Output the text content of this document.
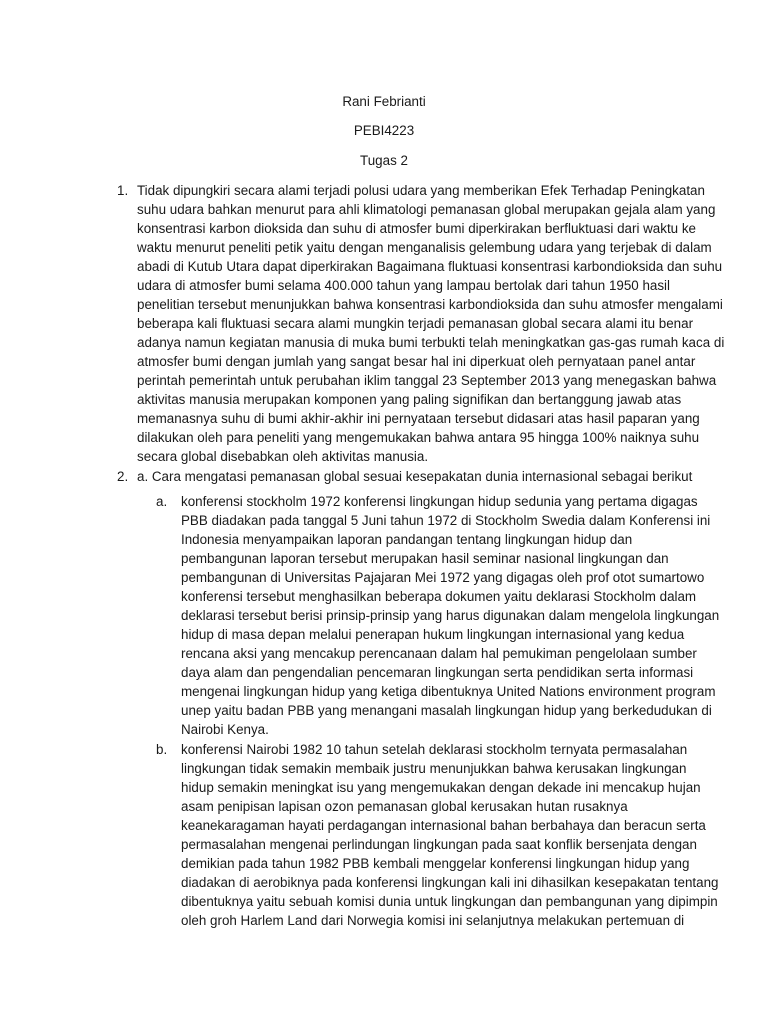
Rani Febrianti
PEBI4223
Tugas 2
1. Tidak dipungkiri secara alami terjadi polusi udara yang memberikan Efek Terhadap Peningkatan
suhu udara bahkan menurut para ahli klimatologi pemanasan global merupakan gejala alam yang
konsentrasi karbon dioksida dan suhu di atmosfer bumi diperkirakan berfluktuasi dari waktu ke
waktu menurut peneliti petik yaitu dengan menganalisis gelembung udara yang terjebak di dalam
abadi di Kutub Utara dapat diperkirakan Bagaimana fluktuasi konsentrasi karbondioksida dan suhu
udara di atmosfer bumi selama 400.000 tahun yang lampau bertolak dari tahun 1950 hasil
penelitian tersebut menunjukkan bahwa konsentrasi karbondioksida dan suhu atmosfer mengalami
beberapa kali fluktuasi secara alami mungkin terjadi pemanasan global secara alami itu benar
adanya namun kegiatan manusia di muka bumi terbukti telah meningkatkan gas-gas rumah kaca di
atmosfer bumi dengan jumlah yang sangat besar hal ini diperkuat oleh pernyataan panel antar
perintah pemerintah untuk perubahan iklim tanggal 23 September 2013 yang menegaskan bahwa
aktivitas manusia merupakan komponen yang paling signifikan dan bertanggung jawab atas
memanasnya suhu di bumi akhir-akhir ini pernyataan tersebut didasari atas hasil paparan yang
dilakukan oleh para peneliti yang mengemukakan bahwa antara 95 hingga 100% naiknya suhu
secara global disebabkan oleh aktivitas manusia.
2. a. Cara mengatasi pemanasan global sesuai kesepakatan dunia internasional sebagai berikut
a. konferensi stockholm 1972 konferensi lingkungan hidup sedunia yang pertama digagas
PBB diadakan pada tanggal 5 Juni tahun 1972 di Stockholm Swedia dalam Konferensi ini
Indonesia menyampaikan laporan pandangan tentang lingkungan hidup dan
pembangunan laporan tersebut merupakan hasil seminar nasional lingkungan dan
pembangunan di Universitas Pajajaran Mei 1972 yang digagas oleh prof otot sumartowo
konferensi tersebut menghasilkan beberapa dokumen yaitu deklarasi Stockholm dalam
deklarasi tersebut berisi prinsip-prinsip yang harus digunakan dalam mengelola lingkungan
hidup di masa depan melalui penerapan hukum lingkungan internasional yang kedua
rencana aksi yang mencakup perencanaan dalam hal pemukiman pengelolaan sumber
daya alam dan pengendalian pencemaran lingkungan serta pendidikan serta informasi
mengenai lingkungan hidup yang ketiga dibentuknya United Nations environment program
unep yaitu badan PBB yang menangani masalah lingkungan hidup yang berkedudukan di
Nairobi Kenya.
b. konferensi Nairobi 1982 10 tahun setelah deklarasi stockholm ternyata permasalahan
lingkungan tidak semakin membaik justru menunjukkan bahwa kerusakan lingkungan
hidup semakin meningkat isu yang mengemukakan dengan dekade ini mencakup hujan
asam penipisan lapisan ozon pemanasan global kerusakan hutan rusaknya
keanekaragaman hayati perdagangan internasional bahan berbahaya dan beracun serta
permasalahan mengenai perlindungan lingkungan pada saat konflik bersenjata dengan
demikian pada tahun 1982 PBB kembali menggelar konferensi lingkungan hidup yang
diadakan di aerobiknya pada konferensi lingkungan kali ini dihasilkan kesepakatan tentang
dibentuknya yaitu sebuah komisi dunia untuk lingkungan dan pembangunan yang dipimpin
oleh groh Harlem Land dari Norwegia komisi ini selanjutnya melakukan pertemuan di
